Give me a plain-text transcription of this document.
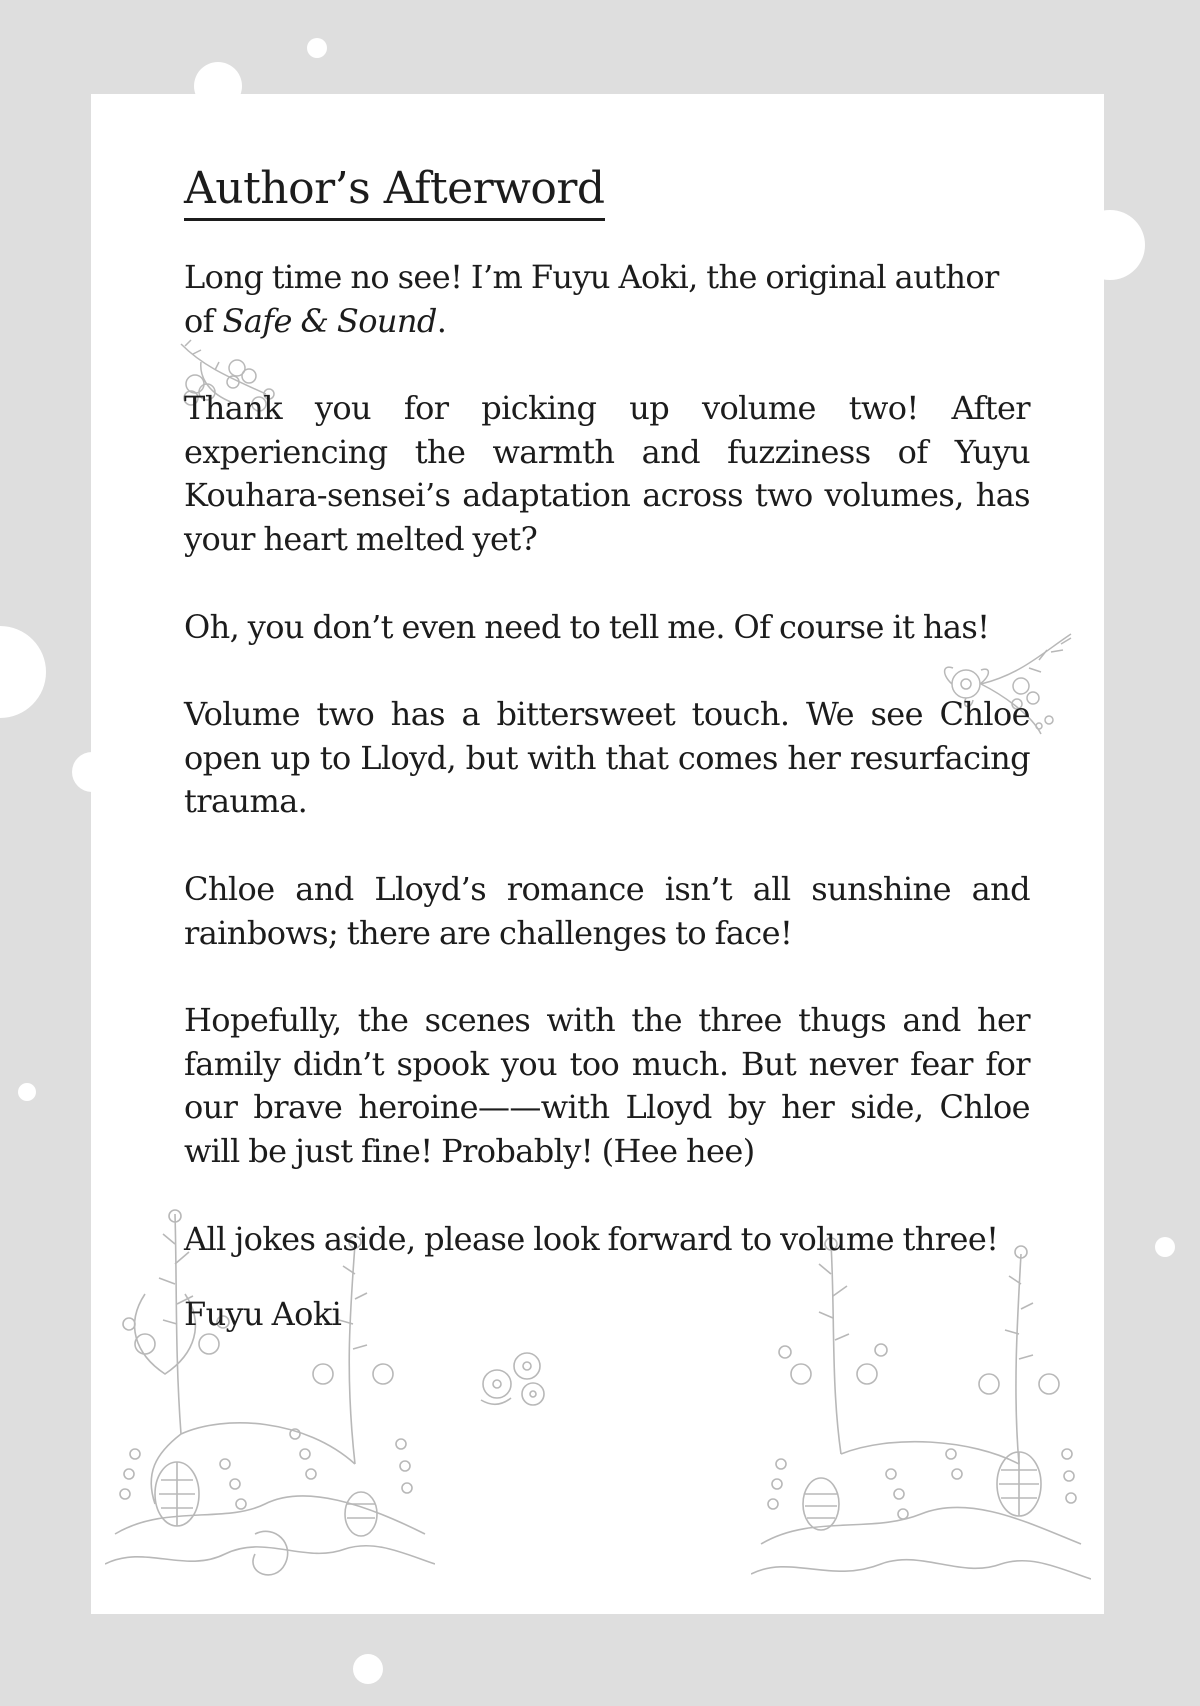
Author’s Afterword

Long time no see! I’m Fuyu Aoki, the original author of Safe & Sound.

Thank you for picking up volume two! After experiencing the warmth and fuzziness of Yuyu Kouhara-sensei’s adaptation across two volumes, has your heart melted yet?

Oh, you don’t even need to tell me. Of course it has!

Volume two has a bittersweet touch. We see Chloe open up to Lloyd, but with that comes her resurfacing trauma.

Chloe and Lloyd’s romance isn’t all sunshine and rainbows; there are challenges to face!

Hopefully, the scenes with the three thugs and her family didn’t spook you too much. But never fear for our brave heroine——with Lloyd by her side, Chloe will be just fine! Probably! (Hee hee)

All jokes aside, please look forward to volume three!

Fuyu Aoki
